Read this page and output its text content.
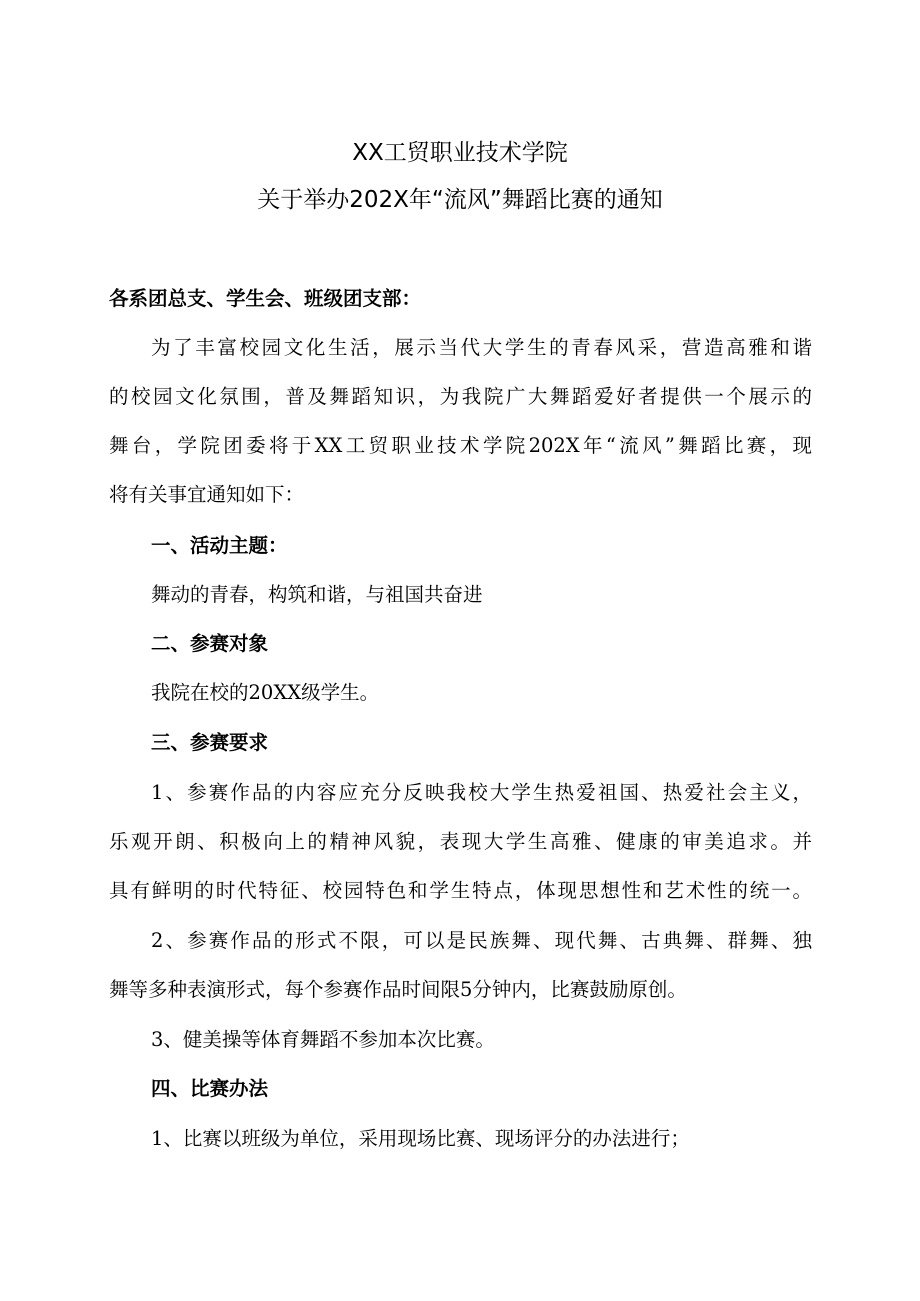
XX工贸职业技术学院
关于举办202X年“流风”舞蹈比赛的通知
各系团总支、学生会、班级团支部：
为了丰富校园文化生活，展示当代大学生的青春风采，营造高雅和谐
的校园文化氛围，普及舞蹈知识，为我院广大舞蹈爱好者提供一个展示的
舞台，学院团委将于XX工贸职业技术学院202X年“流风”舞蹈比赛，现
将有关事宜通知如下：
一、活动主题：
舞动的青春，构筑和谐，与祖国共奋进
二、参赛对象
我院在校的20XX级学生。
三、参赛要求
1、参赛作品的内容应充分反映我校大学生热爱祖国、热爱社会主义，
乐观开朗、积极向上的精神风貌，表现大学生高雅、健康的审美追求。并
具有鲜明的时代特征、校园特色和学生特点，体现思想性和艺术性的统一。
2、参赛作品的形式不限，可以是民族舞、现代舞、古典舞、群舞、独
舞等多种表演形式，每个参赛作品时间限5分钟内，比赛鼓励原创。
3、健美操等体育舞蹈不参加本次比赛。
四、比赛办法
1、比赛以班级为单位，采用现场比赛、现场评分的办法进行；
